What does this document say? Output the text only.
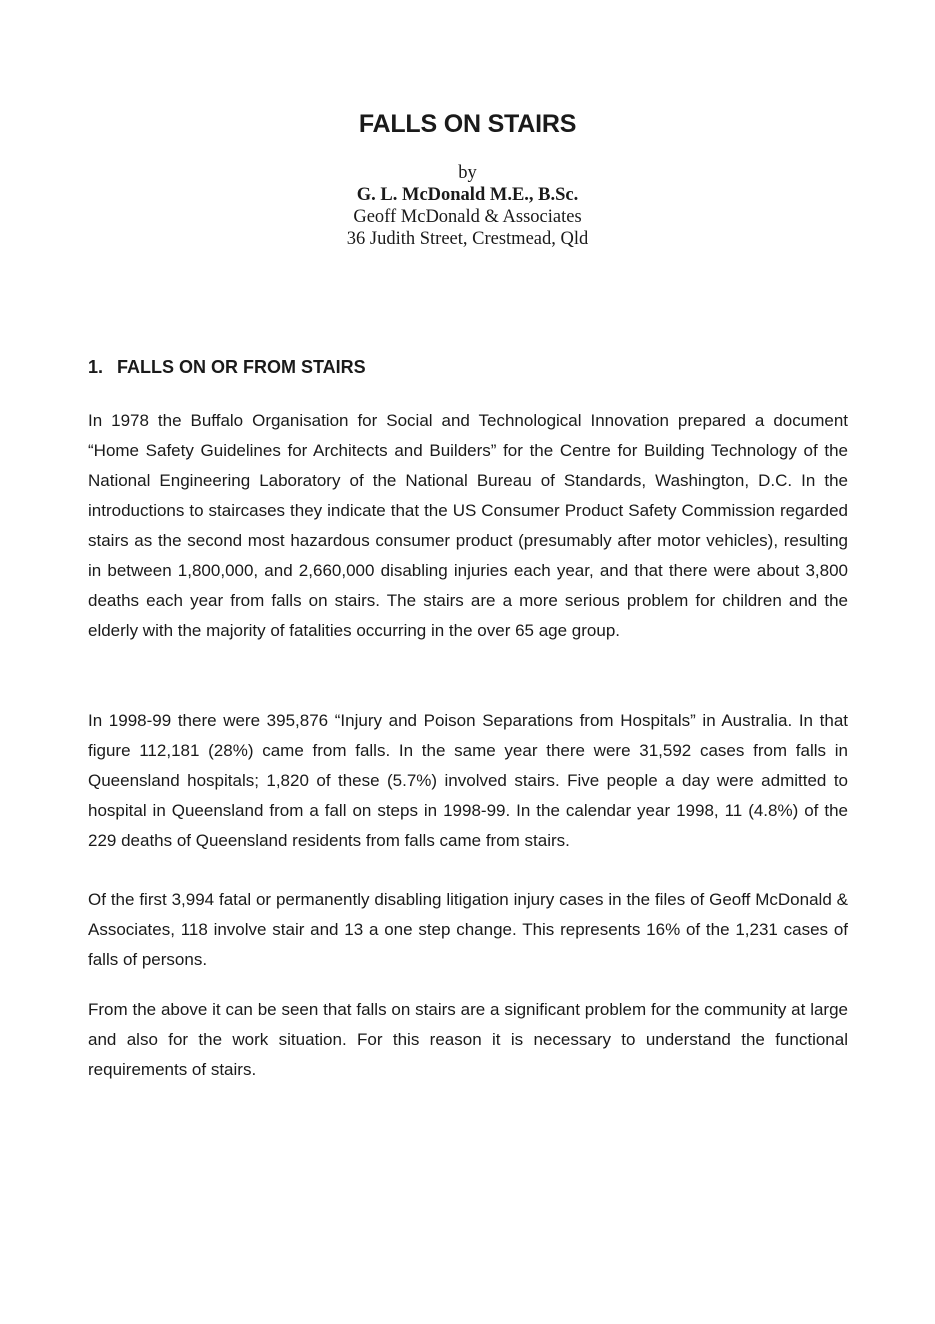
FALLS ON STAIRS
by
G. L. McDonald M.E., B.Sc.
Geoff McDonald & Associates
36 Judith Street, Crestmead, Qld
1. FALLS ON OR FROM STAIRS

In 1978 the Buffalo Organisation for Social and Technological Innovation prepared a document “Home Safety Guidelines for Architects and Builders” for the Centre for Building Technology of the National Engineering Laboratory of the National Bureau of Standards, Washington, D.C. In the introductions to staircases they indicate that the US Consumer Product Safety Commission regarded stairs as the second most hazardous consumer product (presumably after motor vehicles), resulting in between 1,800,000, and 2,660,000 disabling injuries each year, and that there were about 3,800 deaths each year from falls on stairs. The stairs are a more serious problem for children and the elderly with the majority of fatalities occurring in the over 65 age group.

In 1998-99 there were 395,876 “Injury and Poison Separations from Hospitals” in Australia. In that figure 112,181 (28%) came from falls. In the same year there were 31,592 cases from falls in Queensland hospitals; 1,820 of these (5.7%) involved stairs. Five people a day were admitted to hospital in Queensland from a fall on steps in 1998-99. In the calendar year 1998, 11 (4.8%) of the 229 deaths of Queensland residents from falls came from stairs.

Of the first 3,994 fatal or permanently disabling litigation injury cases in the files of Geoff McDonald & Associates, 118 involve stair and 13 a one step change. This represents 16% of the 1,231 cases of falls of persons.

From the above it can be seen that falls on stairs are a significant problem for the community at large and also for the work situation. For this reason it is necessary to understand the functional requirements of stairs.
